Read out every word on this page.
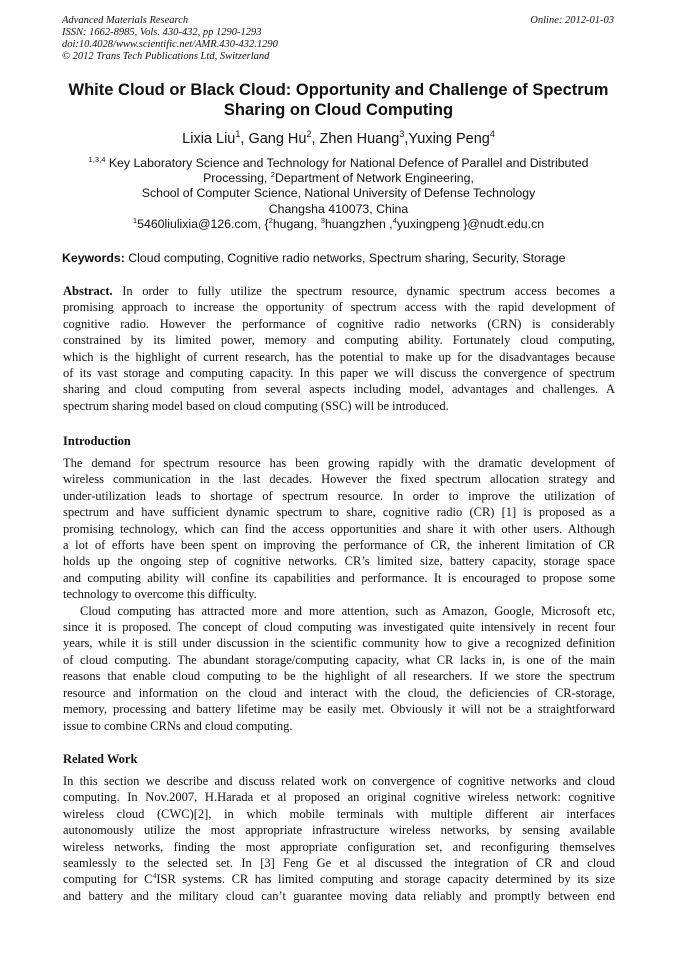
Advanced Materials Research
ISSN: 1662-8985, Vols. 430-432, pp 1290-1293
doi:10.4028/www.scientific.net/AMR.430-432.1290
© 2012 Trans Tech Publications Ltd, Switzerland
Online: 2012-01-03
White Cloud or Black Cloud: Opportunity and Challenge of Spectrum
Sharing on Cloud Computing
Lixia Liu$^1$, Gang Hu$^2$, Zhen Huang$^3$,Yuxing Peng$^4$
$^{1,3,4}$ Key Laboratory Science and Technology for National Defence of Parallel and Distributed
Processing, $^2$Department of Network Engineering,
School of Computer Science, National University of Defense Technology
Changsha 410073, China
$^1$5460liulixia@126.com, {$^2$hugang, $^3$huangzhen ,$^4$yuxingpeng }@nudt.edu.cn
Keywords: Cloud computing, Cognitive radio networks, Spectrum sharing, Security, Storage
Abstract. In order to fully utilize the spectrum resource, dynamic spectrum access becomes a
promising approach to increase the opportunity of spectrum access with the rapid development of
cognitive radio. However the performance of cognitive radio networks (CRN) is considerably
constrained by its limited power, memory and computing ability. Fortunately cloud computing,
which is the highlight of current research, has the potential to make up for the disadvantages because
of its vast storage and computing capacity. In this paper we will discuss the convergence of spectrum
sharing and cloud computing from several aspects including model, advantages and challenges. A
spectrum sharing model based on cloud computing (SSC) will be introduced.
Introduction
The demand for spectrum resource has been growing rapidly with the dramatic development of
wireless communication in the last decades. However the fixed spectrum allocation strategy and
under-utilization leads to shortage of spectrum resource. In order to improve the utilization of
spectrum and have sufficient dynamic spectrum to share, cognitive radio (CR) [1] is proposed as a
promising technology, which can find the access opportunities and share it with other users. Although
a lot of efforts have been spent on improving the performance of CR, the inherent limitation of CR
holds up the ongoing step of cognitive networks. CR’s limited size, battery capacity, storage space
and computing ability will confine its capabilities and performance. It is encouraged to propose some
technology to overcome this difficulty.
Cloud computing has attracted more and more attention, such as Amazon, Google, Microsoft etc,
since it is proposed. The concept of cloud computing was investigated quite intensively in recent four
years, while it is still under discussion in the scientific community how to give a recognized definition
of cloud computing. The abundant storage/computing capacity, what CR lacks in, is one of the main
reasons that enable cloud computing to be the highlight of all researchers. If we store the spectrum
resource and information on the cloud and interact with the cloud, the deficiencies of CR-storage,
memory, processing and battery lifetime may be easily met. Obviously it will not be a straightforward
issue to combine CRNs and cloud computing.
Related Work
In this section we describe and discuss related work on convergence of cognitive networks and cloud
computing. In Nov.2007, H.Harada et al proposed an original cognitive wireless network: cognitive
wireless cloud (CWC)[2], in which mobile terminals with multiple different air interfaces
autonomously utilize the most appropriate infrastructure wireless networks, by sensing available
wireless networks, finding the most appropriate configuration set, and reconfiguring themselves
seamlessly to the selected set. In [3] Feng Ge et al discussed the integration of CR and cloud
computing for $C^4ISR$ systems. CR has limited computing and storage capacity determined by its size
and battery and the military cloud can’t guarantee moving data reliably and promptly between end
